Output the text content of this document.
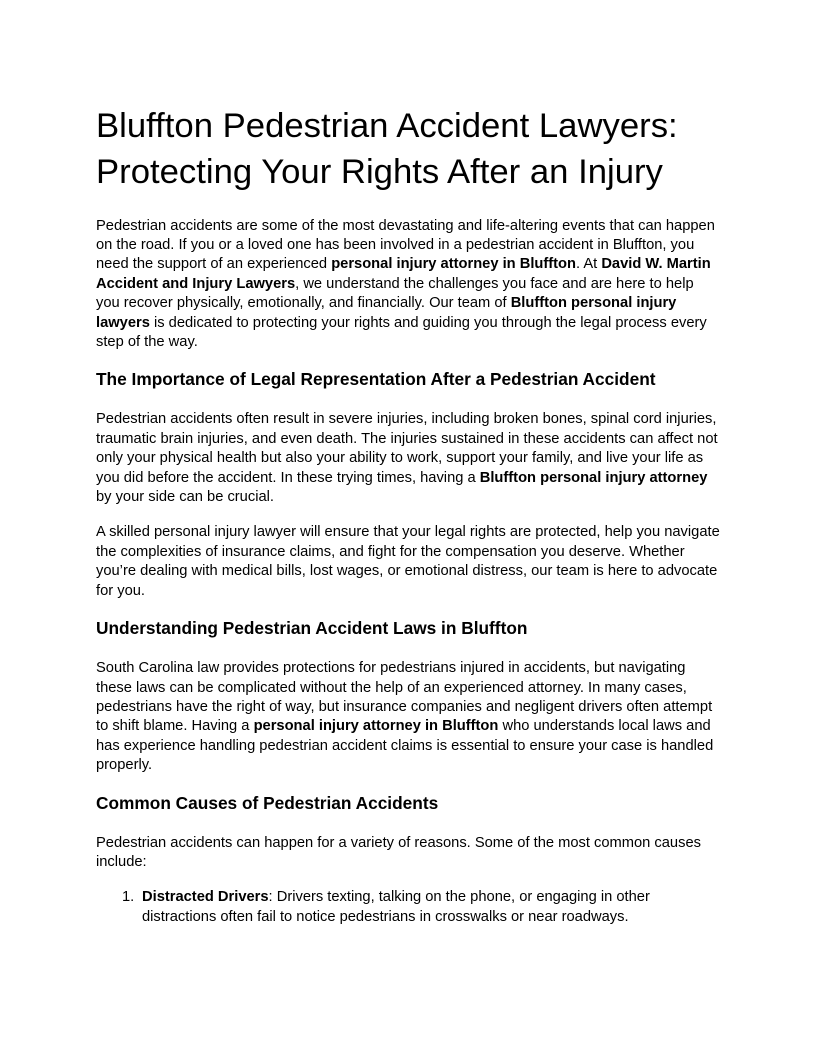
Bluffton Pedestrian Accident Lawyers: Protecting Your Rights After an Injury

Pedestrian accidents are some of the most devastating and life-altering events that can happen on the road. If you or a loved one has been involved in a pedestrian accident in Bluffton, you need the support of an experienced personal injury attorney in Bluffton. At David W. Martin Accident and Injury Lawyers, we understand the challenges you face and are here to help you recover physically, emotionally, and financially. Our team of Bluffton personal injury lawyers is dedicated to protecting your rights and guiding you through the legal process every step of the way.

The Importance of Legal Representation After a Pedestrian Accident

Pedestrian accidents often result in severe injuries, including broken bones, spinal cord injuries, traumatic brain injuries, and even death. The injuries sustained in these accidents can affect not only your physical health but also your ability to work, support your family, and live your life as you did before the accident. In these trying times, having a Bluffton personal injury attorney by your side can be crucial.

A skilled personal injury lawyer will ensure that your legal rights are protected, help you navigate the complexities of insurance claims, and fight for the compensation you deserve. Whether you’re dealing with medical bills, lost wages, or emotional distress, our team is here to advocate for you.

Understanding Pedestrian Accident Laws in Bluffton

South Carolina law provides protections for pedestrians injured in accidents, but navigating these laws can be complicated without the help of an experienced attorney. In many cases, pedestrians have the right of way, but insurance companies and negligent drivers often attempt to shift blame. Having a personal injury attorney in Bluffton who understands local laws and has experience handling pedestrian accident claims is essential to ensure your case is handled properly.

Common Causes of Pedestrian Accidents

Pedestrian accidents can happen for a variety of reasons. Some of the most common causes include:

1. Distracted Drivers: Drivers texting, talking on the phone, or engaging in other distractions often fail to notice pedestrians in crosswalks or near roadways.
